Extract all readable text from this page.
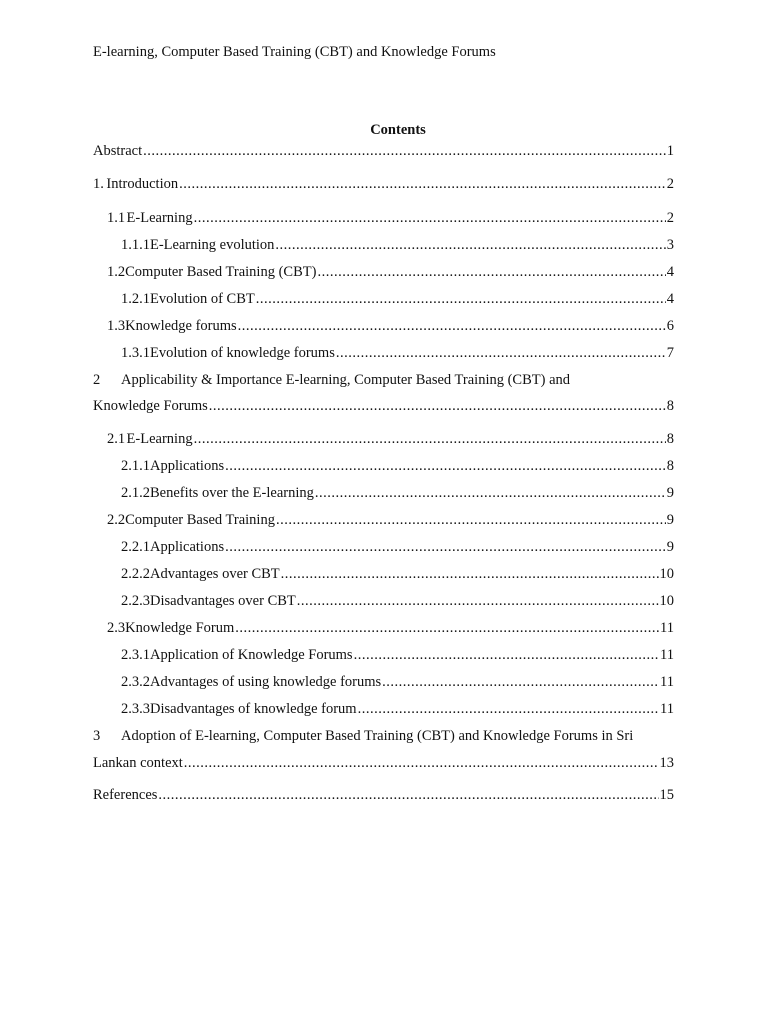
E-learning, Computer Based Training (CBT) and Knowledge Forums
Contents
Abstract .....	1
1. Introduction .....	2
1.1 E-Learning .....	2
1.1.1 E-Learning evolution .....	3
1.2 Computer Based Training (CBT) .....	4
1.2.1 Evolution of CBT .....	4
1.3 Knowledge forums .....	6
1.3.1 Evolution of knowledge forums .....	7
2 Applicability & Importance E-learning, Computer Based Training (CBT) and
Knowledge Forums .....	8
2.1 E-Learning .....	8
2.1.1 Applications .....	8
2.1.2 Benefits over the E-learning .....	9
2.2 Computer Based Training .....	9
2.2.1 Applications .....	9
2.2.2 Advantages over CBT .....	10
2.2.3 Disadvantages over CBT .....	10
2.3 Knowledge Forum .....	11
2.3.1 Application of Knowledge Forums .....	11
2.3.2 Advantages of using knowledge forums .....	11
2.3.3 Disadvantages of knowledge forum .....	11
3 Adoption of E-learning, Computer Based Training (CBT) and Knowledge Forums in Sri
Lankan context .....	13
References .....	15
